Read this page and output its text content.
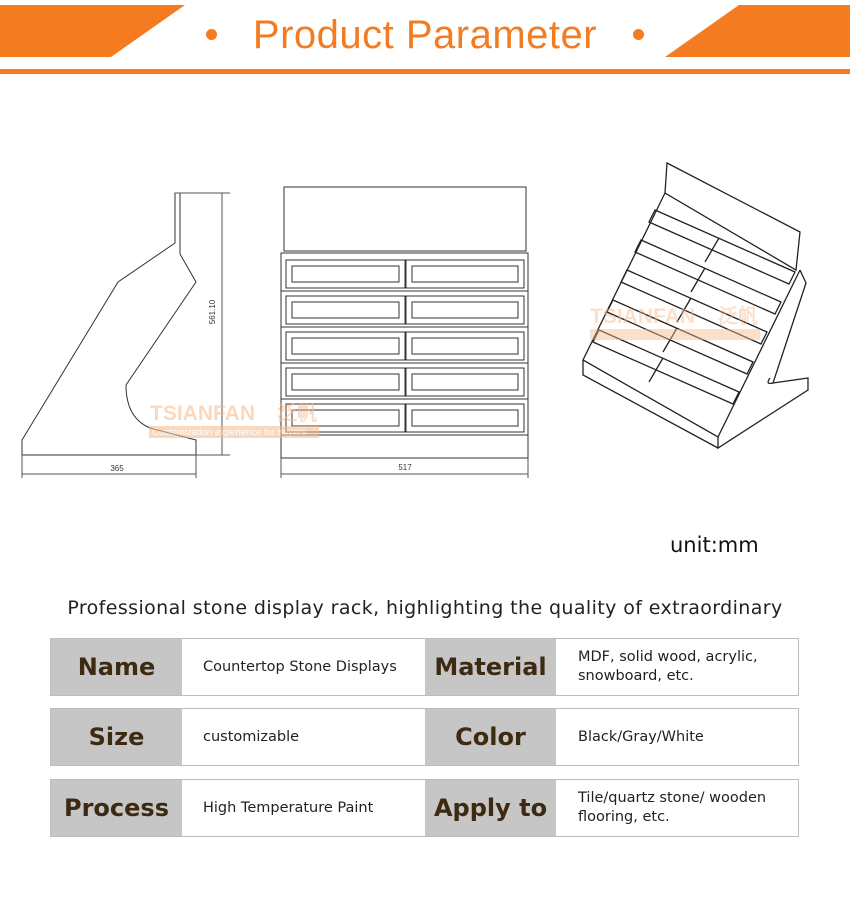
Product Parameter
365
561.10
517
TSIANFAN 泛帆
Customization experience for buyers
TSIANFAN 泛帆
unit:mm
Professional stone display rack, highlighting the quality of extraordinary
Name	Countertop Stone Displays	Material	MDF, solid wood, acrylic, snowboard, etc.
Size	customizable	Color	Black/Gray/White
Process	High Temperature Paint	Apply to	Tile/quartz stone/ wooden flooring, etc.
